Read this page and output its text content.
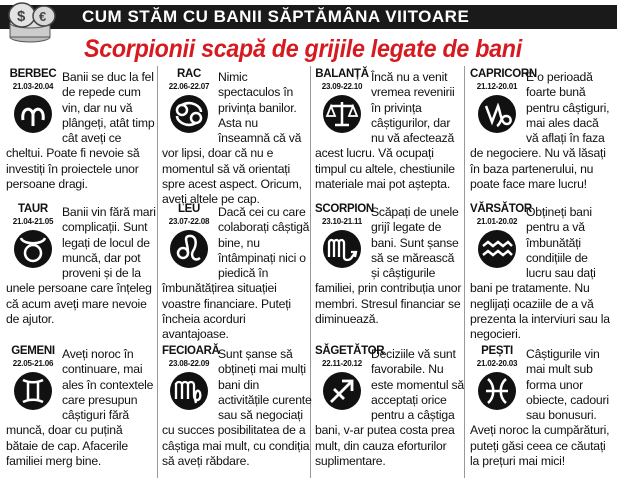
$ € CUM STĂM CU BANII SĂPTĂMÂNA VIITOARE
Scorpionii scapă de grijile legate de bani
BERBEC
21.03-20.04

Banii se duc la fel de repede cum vin, dar nu vă plângeți, atât timp cât aveți ce cheltui. Poate fi nevoie să investiți în proiectele unor persoane dragi.

RAC
22.06-22.07

Nimic spectaculos în privința banilor. Asta nu înseamnă că vă vor lipsi, doar că nu e momentul să vă orientați spre acest aspect. Oricum, aveți altele pe cap.

BALANȚĂ
23.09-22.10

Încă nu a venit vremea revenirii în privința câștigurilor, dar nu vă afectează acest lucru. Vă ocupați timpul cu altele, chestiunile materiale mai pot aștepta.

CAPRICORN
21.12-20.01

E o perioadă foarte bună pentru câștiguri, mai ales dacă vă aflați în faza de negociere. Nu vă lăsați în baza partenerului, nu poate face mare lucru!

TAUR
21.04-21.05

Banii vin fără mari complicații. Sunt legați de locul de muncă, dar pot proveni și de la unele persoane care înțeleg că acum aveți mare nevoie de ajutor.

LEU
23.07-22.08

Dacă cei cu care colaborați câștigă bine, nu întâmpinați nici o piedică în îmbunătățirea situației voastre financiare. Puteți încheia acorduri avantajoase.

SCORPION
23.10-21.11

Scăpați de unele grijî legate de bani. Sunt șanse să se mărească și câștigurile familiei, prin contribuția unor membri. Stresul financiar se diminuează.

VĂRSĂTOR
21.01-20.02

Obțineți bani pentru a vă îmbunătăți condițiile de lucru sau dați bani pe tratamente. Nu neglijați ocaziile de a vă prezenta la interviuri sau la negocieri.

GEMENI
22.05-21.06

Aveți noroc în continuare, mai ales în contextele care presupun câștiguri fără muncă, doar cu puțină bătaie de cap. Afacerile familiei merg bine.

FECIOARĂ
23.08-22.09

Sunt șanse să obțineți mai mulți bani din activitățile curente sau să negociați cu succes posibilitatea de a câștiga mai mult, cu condiția să aveți răbdare.

SĂGETĂTOR
22.11-20.12

Deciziile vă sunt favorabile. Nu este momentul să acceptați orice pentru a câștiga bani, v-ar putea costa prea mult, din cauza eforturilor suplimentare.

PEȘTI
21.02-20.03

Câștigurile vin mai mult sub forma unor obiecte, cadouri sau bonusuri. Aveți noroc la cumpărături, puteți găsi ceea ce căutați la prețuri mai mici!
